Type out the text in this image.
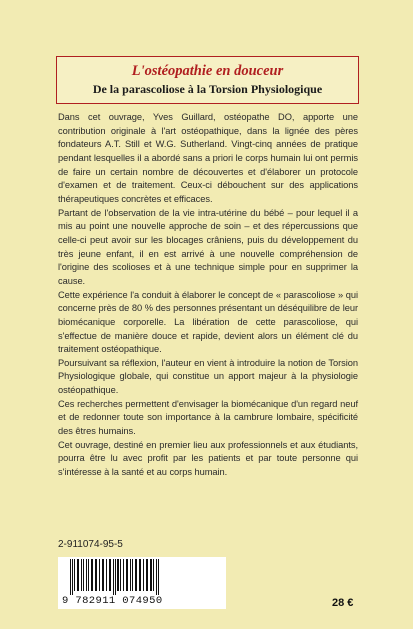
L'ostéopathie en douceur
De la parascoliose à la Torsion Physiologique

Dans cet ouvrage, Yves Guillard, ostéopathe DO, apporte une contribution originale à l'art ostéopathique, dans la lignée des pères fondateurs A.T. Still et W.G. Sutherland. Vingt-cinq années de pratique pendant lesquelles il a abordé sans a priori le corps humain lui ont permis de faire un certain nombre de découvertes et d'élaborer un protocole d'examen et de traitement. Ceux-ci débouchent sur des applications thérapeutiques concrètes et efficaces.

Partant de l'observation de la vie intra-utérine du bébé – pour lequel il a mis au point une nouvelle approche de soin – et des répercussions que celle-ci peut avoir sur les blocages crâniens, puis du développement du très jeune enfant, il en est arrivé à une nouvelle compréhension de l'origine des scolioses et à une technique simple pour en supprimer la cause.

Cette expérience l'a conduit à élaborer le concept de « parascoliose » qui concerne près de 80 % des personnes présentant un déséquilibre de leur biomécanique corporelle. La libération de cette parascoliose, qui s'effectue de manière douce et rapide, devient alors un élément clé du traitement ostéopathique.

Poursuivant sa réflexion, l'auteur en vient à introduire la notion de Torsion Physiologique globale, qui constitue un apport majeur à la physiologie ostéopathique.

Ces recherches permettent d'envisager la biomécanique d'un regard neuf et de redonner toute son importance à la cambrure lombaire, spécificité des êtres humains.

Cet ouvrage, destiné en premier lieu aux professionnels et aux étudiants, pourra être lu avec profit par les patients et par toute personne qui s'intéresse à la santé et au corps humain.

2-911074-95-5
9 782911 074950	28 €
